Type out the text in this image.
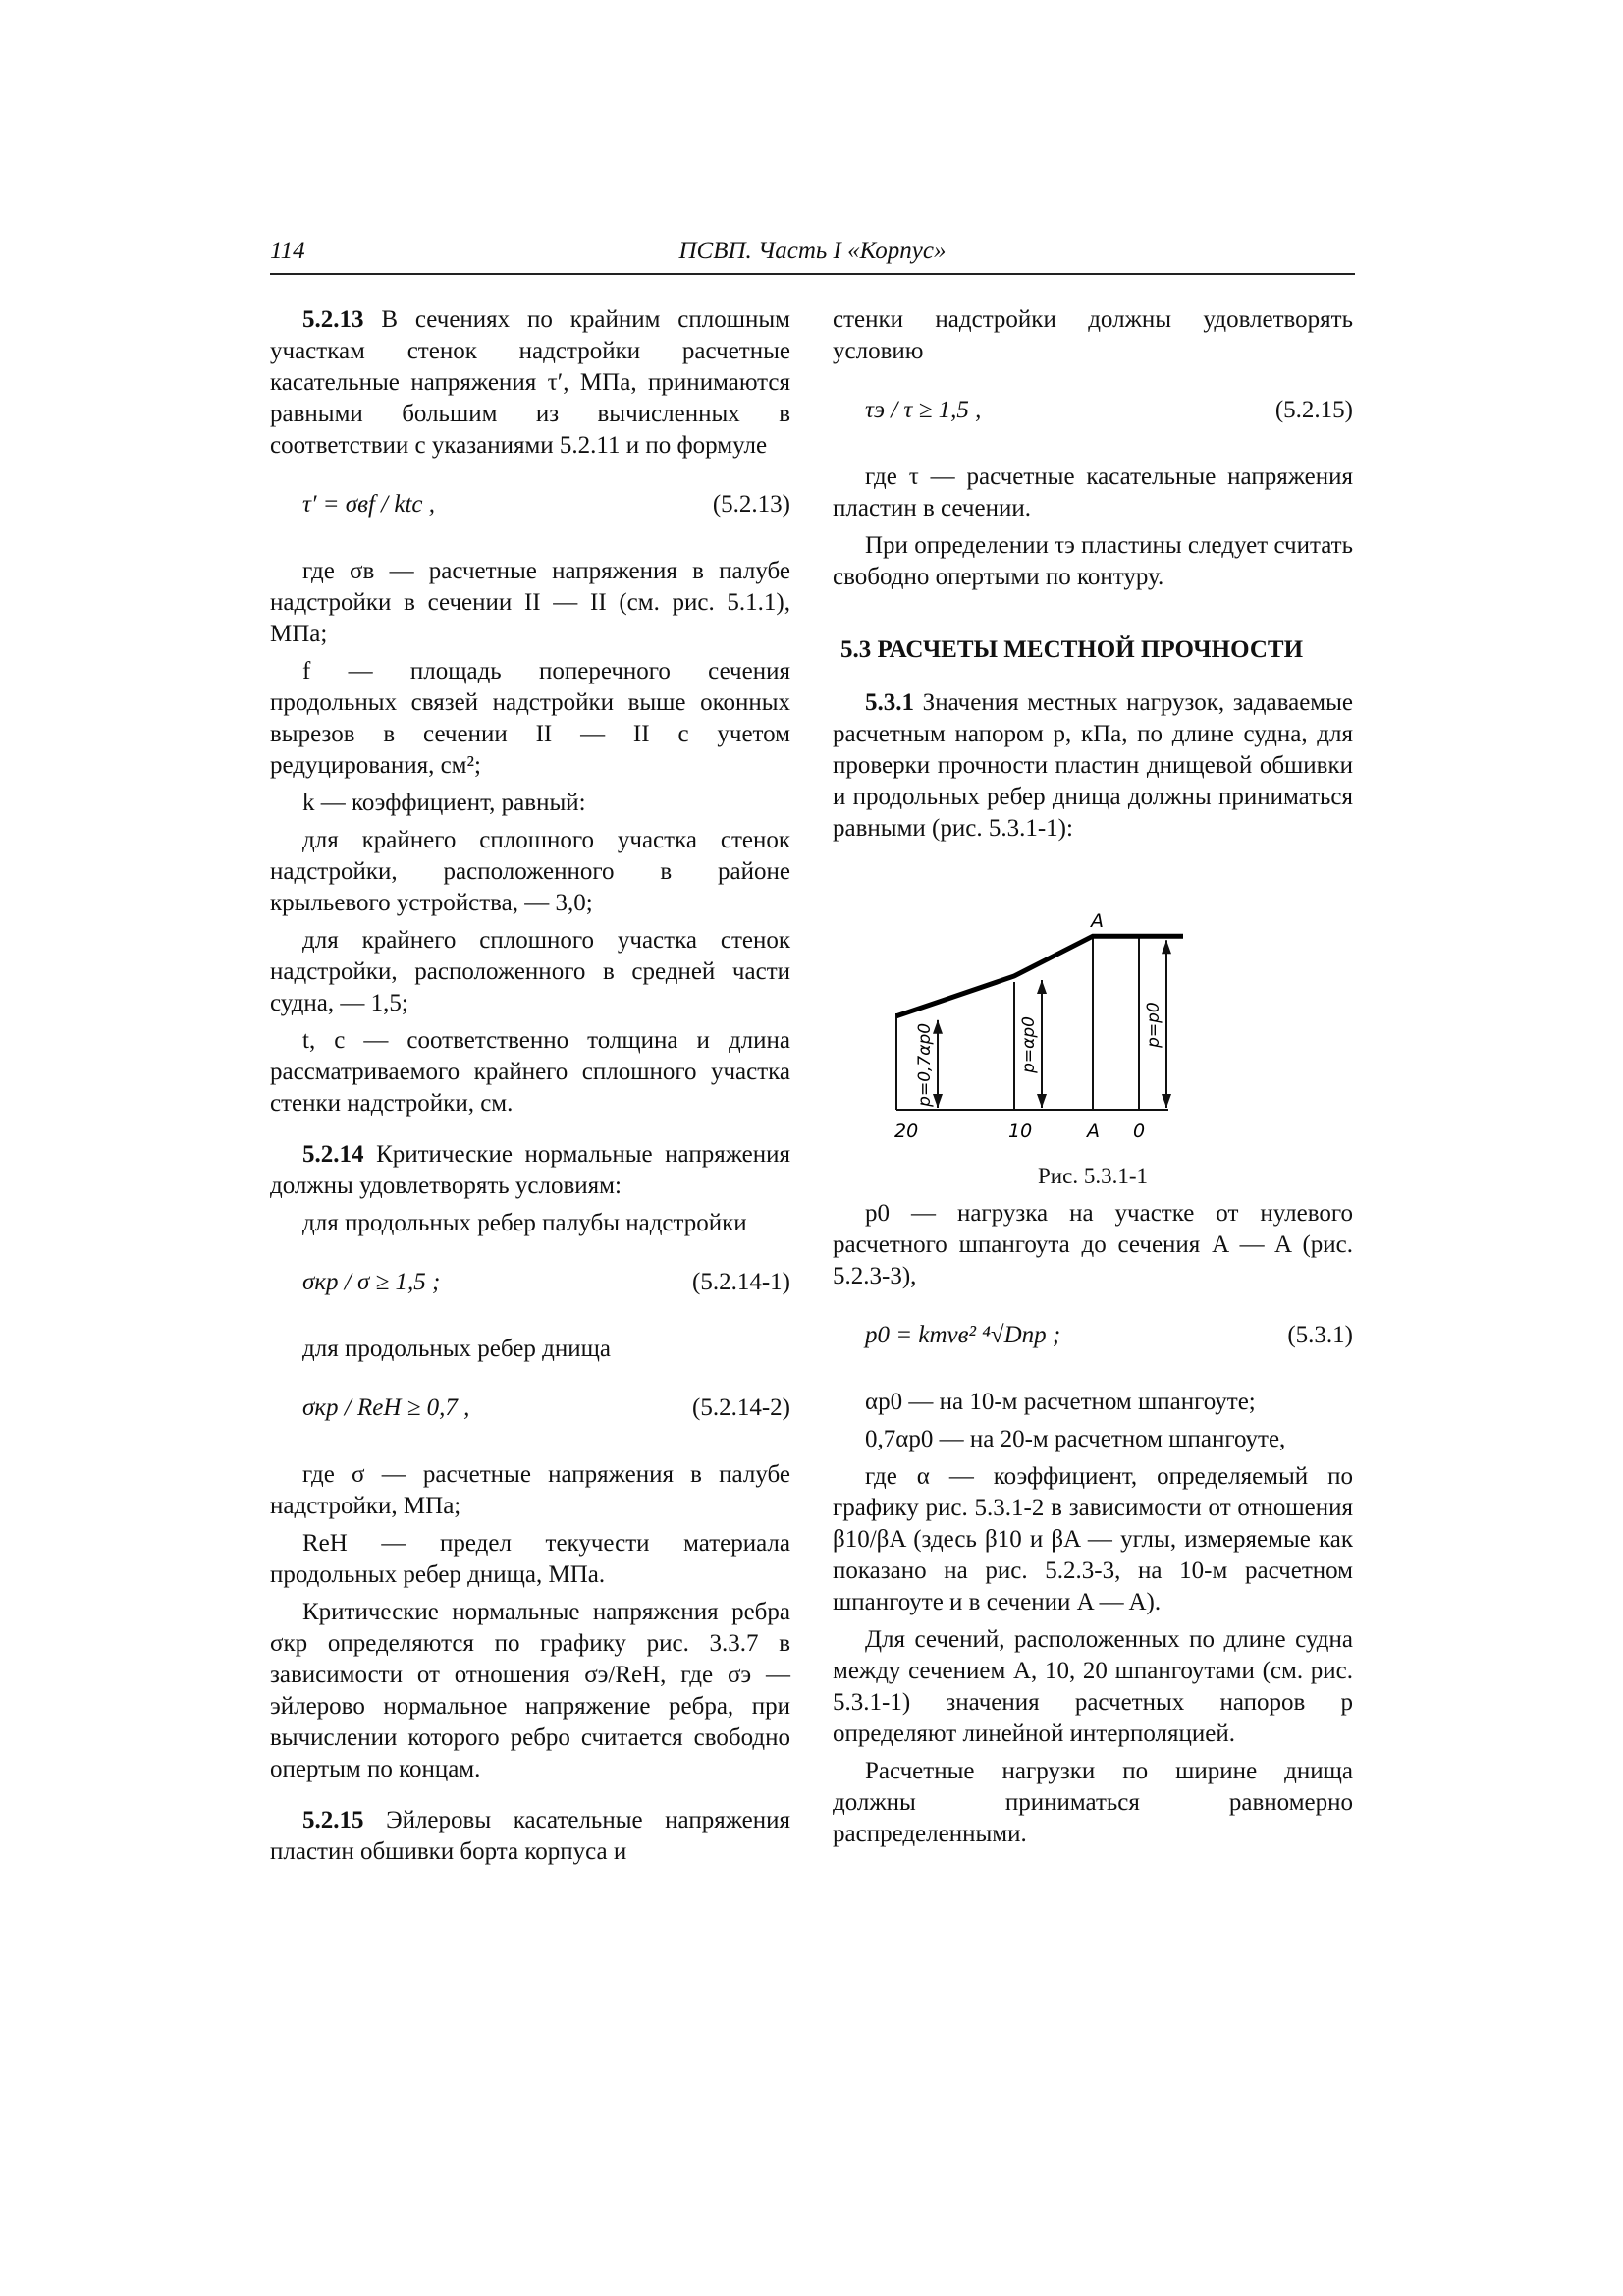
114	ПСВП. Часть I «Корпус»

5.2.13 В сечениях по крайним сплошным участкам стенок надстройки расчетные касательные напряжения τ′, МПа, принимаются равными большим из вычисленных в соответствии с указаниями 5.2.11 и по формуле

τ′ = σвf / ktc ,	(5.2.13)

где σв — расчетные напряжения в палубе надстройки в сечении II — II (см. рис. 5.1.1), МПа;

f — площадь поперечного сечения продольных связей надстройки выше оконных вырезов в сечении II — II с учетом редуцирования, см²;

k — коэффициент, равный:

для крайнего сплошного участка стенок надстройки, расположенного в районе крыльевого устройства, — 3,0;

для крайнего сплошного участка стенок надстройки, расположенного в средней части судна, — 1,5;

t, c — соответственно толщина и длина рассматриваемого крайнего сплошного участка стенки надстройки, см.

5.2.14 Критические нормальные напряжения должны удовлетворять условиям:

для продольных ребер палубы надстройки

σкр / σ ≥ 1,5 ;	(5.2.14-1)

для продольных ребер днища

σкр / ReH ≥ 0,7 ,	(5.2.14-2)

где σ — расчетные напряжения в палубе надстройки, МПа;

ReH — предел текучести материала продольных ребер днища, МПа.

Критические нормальные напряжения ребра σкр определяются по графику рис. 3.3.7 в зависимости от отношения σэ/ReH, где σэ — эйлерово нормальное напряжение ребра, при вычислении которого ребро считается свободно опертым по концам.

5.2.15 Эйлеровы касательные напряжения пластин обшивки борта корпуса и

стенки надстройки должны удовлетворять условию

τэ / τ ≥ 1,5 ,	(5.2.15)

где τ — расчетные касательные напряжения пластин в сечении.

При определении τэ пластины следует считать свободно опертыми по контуру.

5.3 РАСЧЕТЫ МЕСТНОЙ ПРОЧНОСТИ

5.3.1 Значения местных нагрузок, задаваемые расчетным напором p, кПа, по длине судна, для проверки прочности пластин днищевой обшивки и продольных ребер днища должны приниматься равными (рис. 5.3.1-1):

p=0,7αp0	p=αp0	p=p0
A
20	10	A 0
Рис. 5.3.1-1

p0 — нагрузка на участке от нулевого расчетного шпангоута до сечения A — A (рис. 5.2.3-3),

p0 = kmvв² ⁴√Dпр ;	(5.3.1)

αp0 — на 10-м расчетном шпангоуте;

0,7αp0 — на 20-м расчетном шпангоуте,

где α — коэффициент, определяемый по графику рис. 5.3.1-2 в зависимости от отношения β10/βA (здесь β10 и βA — углы, измеряемые как показано на рис. 5.2.3-3, на 10-м расчетном шпангоуте и в сечении A — A).

Для сечений, расположенных по длине судна между сечением A, 10, 20 шпангоутами (см. рис. 5.3.1-1) значения расчетных напоров p определяют линейной интерполяцией.

Расчетные нагрузки по ширине днища должны приниматься равномерно распределенными.
